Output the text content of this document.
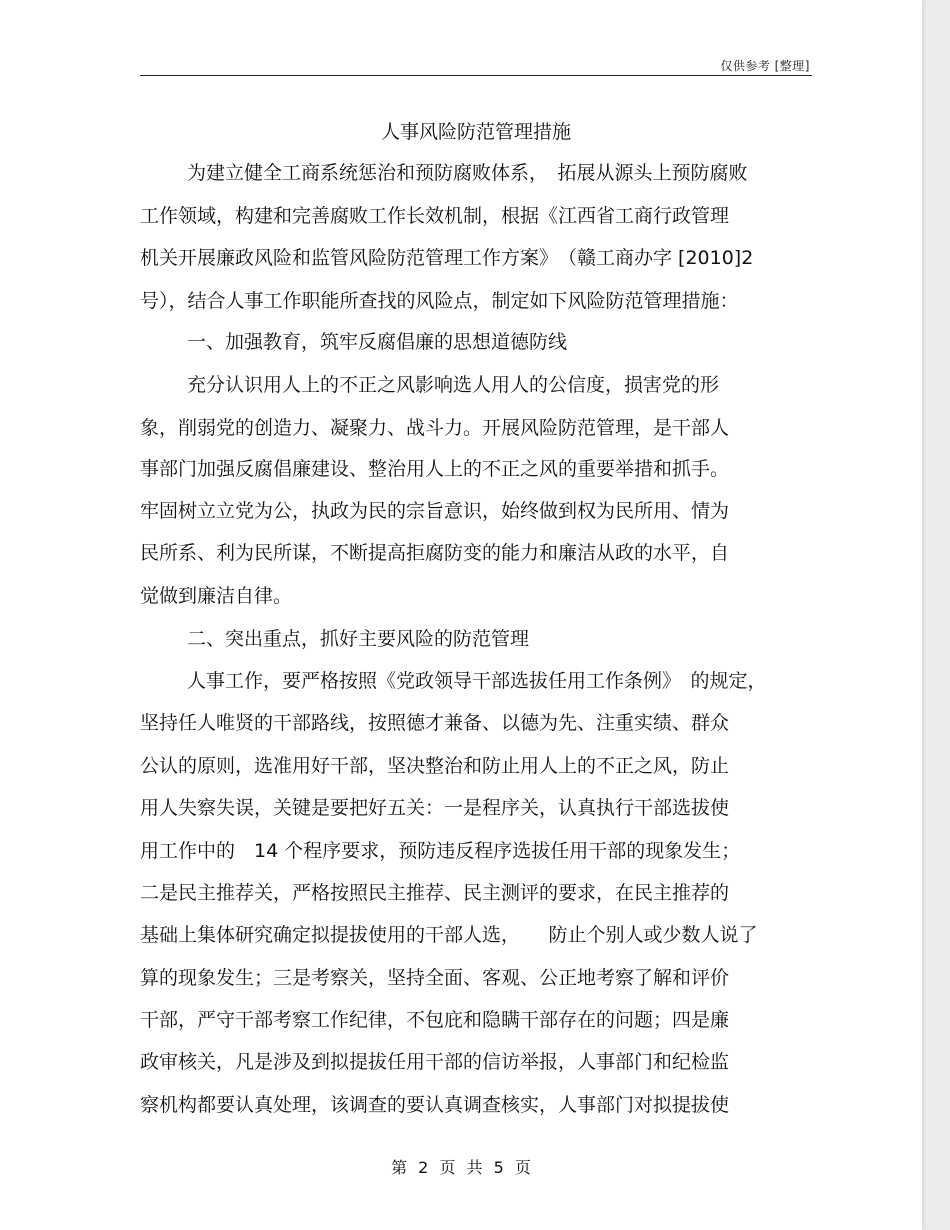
仅供参考 [整理]
人事风险防范管理措施
为建立健全工商系统惩治和预防腐败体系，　拓展从源头上预防腐败
工作领域，构建和完善腐败工作长效机制，根据《江西省工商行政管理
机关开展廉政风险和监管风险防范管理工作方案》　（赣工商办字 [2010]2
号），结合人事工作职能所查找的风险点，制定如下风险防范管理措施：
一、加强教育，筑牢反腐倡廉的思想道德防线
充分认识用人上的不正之风影响选人用人的公信度，损害党的形
象，削弱党的创造力、凝聚力、战斗力。开展风险防范管理，是干部人
事部门加强反腐倡廉建设、整治用人上的不正之风的重要举措和抓手。
牢固树立立党为公，执政为民的宗旨意识，始终做到权为民所用、情为
民所系、利为民所谋，不断提高拒腐防变的能力和廉洁从政的水平，自
觉做到廉洁自律。
二、突出重点，抓好主要风险的防范管理
人事工作，要严格按照《党政领导干部选拔任用工作条例》　的规定，
坚持任人唯贤的干部路线，按照德才兼备、以德为先、注重实绩、群众
公认的原则，选准用好干部，坚决整治和防止用人上的不正之风，防止
用人失察失误，关键是要把好五关：一是程序关，认真执行干部选拔使
用工作中的　14 个程序要求，预防违反程序选拔任用干部的现象发生；
二是民主推荐关，严格按照民主推荐、民主测评的要求，在民主推荐的
基础上集体研究确定拟提拔使用的干部人选，　　防止个别人或少数人说了
算的现象发生；三是考察关，坚持全面、客观、公正地考察了解和评价
干部，严守干部考察工作纪律，不包庇和隐瞒干部存在的问题；四是廉
政审核关，凡是涉及到拟提拔任用干部的信访举报，人事部门和纪检监
察机构都要认真处理，该调查的要认真调查核实，人事部门对拟提拔使
第 2 页 共 5 页
